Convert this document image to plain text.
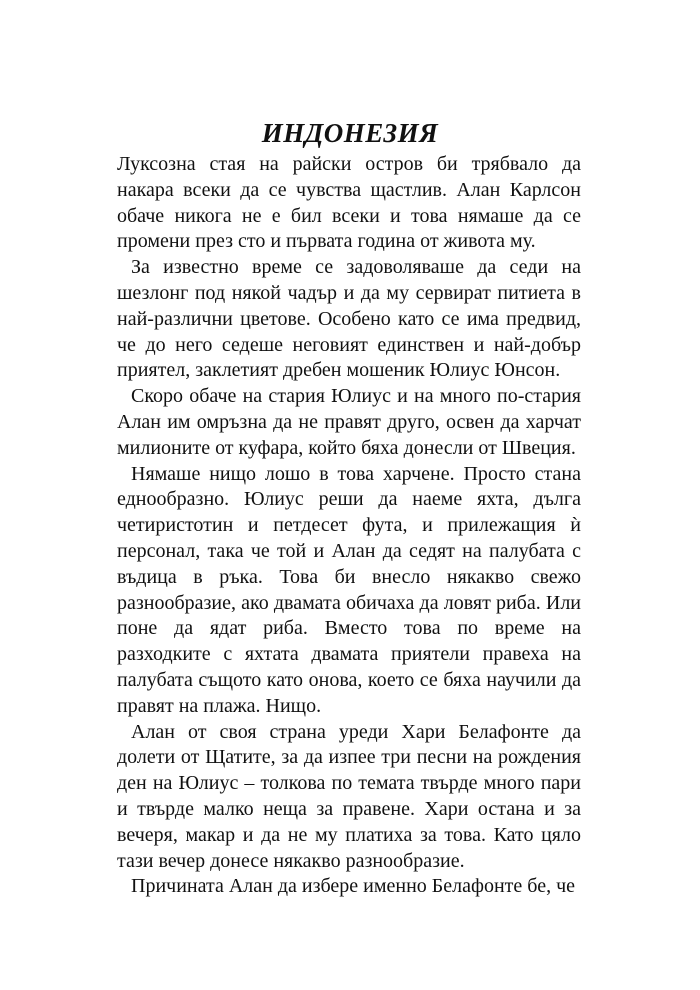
ИНДОНЕЗИЯ

Луксозна стая на райски остров би трябвало да накара всеки да се чувства щастлив. Алан Карлсон обаче никога не е бил всеки и това нямаше да се промени през сто и първата година от живота му.

За известно време се задоволяваше да седи на шезлонг под някой чадър и да му сервират питиета в най-различни цветове. Особено като се има предвид, че до него седеше неговият единствен и най-добър приятел, заклетият дребен мошеник Юлиус Юнсон.

Скоро обаче на стария Юлиус и на много по-стария Алан им омръзна да не правят друго, освен да харчат милионите от куфара, който бяха донесли от Швеция.

Нямаше нищо лошо в това харчене. Просто стана еднообразно. Юлиус реши да наеме яхта, дълга четиристотин и петдесет фута, и прилежащия ѝ персонал, така че той и Алан да седят на палубата с въдица в ръка. Това би внесло някакво свежо разнообразие, ако двамата обичаха да ловят риба. Или поне да ядат риба. Вместо това по време на разходките с яхтата двамата приятели правеха на палубата същото като онова, което се бяха научили да правят на плажа. Нищо.

Алан от своя страна уреди Хари Белафонте да долети от Щатите, за да изпее три песни на рождения ден на Юлиус – толкова по темата твърде много пари и твърде малко неща за правене. Хари остана и за вечеря, макар и да не му платиха за това. Като цяло тази вечер донесе някакво разнообразие.

Причината Алан да избере именно Белафонте бе, че
